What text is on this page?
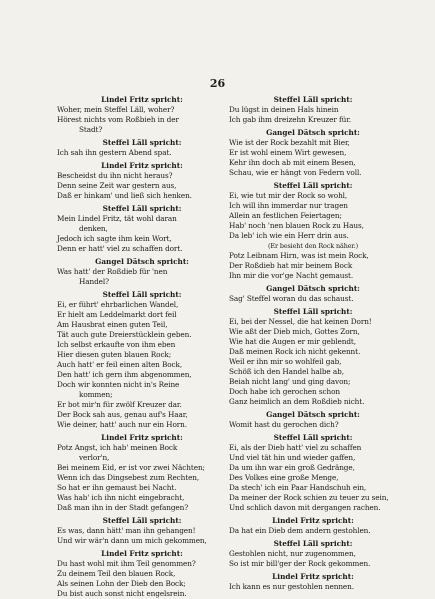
26

Lindel Fritz spricht:

Woher, mein Steffel Läll, woher?

Hörest nichts vom Roßbieh in der

Stadt?

Steffel Läll spricht:

Ich sah ihn gestern Abend spat.

Lindel Fritz spricht:

Bescheidst du ihn nicht heraus?

Denn seine Zeit war gestern aus,

Daß er hinkam' und ließ sich henken.

Steffel Läll spricht:

Mein Lindel Fritz, tät wohl daran

denken,

Jedoch ich sagte ihm kein Wort,

Denn er hatt' viel zu schaffen dort.

Gangel Dätsch spricht:

Was hatt' der Roßdieb für 'nen

Handel?

Steffel Läll spricht:

Ei, er führt' ehrbarlichen Wandel,

Er hielt am Leddelmarkt dort feil

Am Hausbrat einen guten Teil,

Tät auch gute Dreierstücklein geben.

Ich selbst erkaufte von ihm eben

Hier diesen guten blauen Rock;

Auch hatt' er feil einen alten Bock,

Den hatt' ich gern ihm abgenommen,

Doch wir konnten nicht in's Reine

kommen;

Er bot mir'n für zwölf Kreuzer dar.

Der Bock sah aus, genau auf's Haar,

Wie deiner, hatt' auch nur ein Horn.

Lindel Fritz spricht:

Potz Angst, ich hab' meinen Bock

verlor'n,

Bei meinem Eid, er ist vor zwei Nächten;

Wenn ich das Dingsebest zum Rechten,

So hat er ihn gemaust bei Nacht.

Was hab' ich ihn nicht eingebracht,

Daß man ihn in der Stadt gefangen?

Steffel Läll spricht:

Es was, dann hätt' man ihn gehangen!

Und wir wär'n dann um mich gekommen,

Lindel Fritz spricht:

Du hast wohl mit ihm Teil genommen?

Zu deinem Teil den blauen Rock,

Als seinen Lohn der Dieb den Bock;

Du bist auch sonst nicht engelsrein.

Steffel Läll spricht:

Du lügst in deinen Hals hinein

Ich gab ihm dreizehn Kreuzer für.

Gangel Dätsch spricht:

Wie ist der Rock bezahlt mit Bier,

Er ist wohl einem Wirt gewesen,

Kehr ihn doch ab mit einem Besen,

Schau, wie er hängt von Federn voll.

Steffel Läll spricht:

Ei, wie tut mir der Rock so wohl,

Ich will ihn immerdar nur tragen

Allein an festlichen Feiertagen;

Hab' noch 'nen blauen Rock zu Haus,

Da leb' ich wie ein Herr drin aus.

(Er besieht den Rock näher.)

Potz Leibnam Hirn, was ist mein Rock,

Der Roßdieb hat mir beinem Bock

Ihn mir die vor'ge Nacht gemaust.

Gangel Dätsch spricht:

Sag' Steffel woran du das schaust.

Steffel Läll spricht:

Ei, bei der Nessel, die hat keinen Dorn!

Wie aßt der Dieb mich, Gottes Zorn,

Wie hat die Augen er mir geblendt,

Daß meinen Rock ich nicht gekennt.

Weil er ihn mir so wohlfeil gab,

Schöß ich den Handel halbe ab,

Beiah nicht lang' und ging davon;

Doch habe ich gerochen schon

Ganz heimlich an dem Roßdieb nicht.

Gangel Dätsch spricht:

Womit hast du gerochen dich?

Steffel Läll spricht:

Ei, als der Dieb hatt' viel zu schaffen

Und viel tät hin und wieder gaffen,

Da um ihn war ein groß Gedränge,

Des Volkes eine große Menge,

Da stech' ich ein Paar Handschuh ein,

Da meiner der Rock schien zu teuer zu sein,

Und schlich davon mit dergangen rachen.

Lindel Fritz spricht:

Da hat ein Dieb dem andern gestohlen.

Steffel Läll spricht:

Gestohlen nicht, nur zugenommen,

So ist mir bill'ger der Rock gekommen.

Lindel Fritz spricht:

Ich kann es nur gestohlen nennen.
